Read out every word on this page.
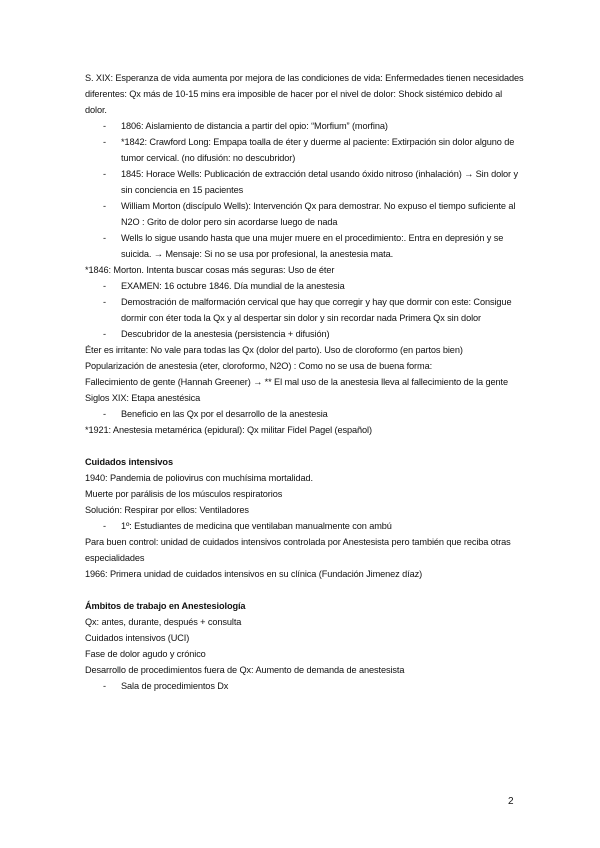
S. XIX: Esperanza de vida aumenta por mejora de las condiciones de vida: Enfermedades tienen necesidades diferentes: Qx más de 10-15 mins era imposible de hacer por el nivel de dolor: Shock sistémico debido al dolor.
- 1806: Aislamiento de distancia a partir del opio: “Morfium” (morfina)
- *1842: Crawford Long: Empapa toalla de éter y duerme al paciente: Extirpación sin dolor alguno de tumor cervical. (no difusión: no descubridor)
- 1845: Horace Wells: Publicación de extracción detal usando óxido nitroso (inhalación) → Sin dolor y sin conciencia en 15 pacientes
- William Morton (discípulo Wells): Intervención Qx para demostrar. No expuso el tiempo suficiente al N2O : Grito de dolor pero sin acordarse luego de nada
- Wells lo sigue usando hasta que una mujer muere en el procedimiento:. Entra en depresión y se suicida. → Mensaje: Si no se usa por profesional, la anestesia mata.
*1846: Morton. Intenta buscar cosas más seguras: Uso de éter
- EXAMEN: 16 octubre 1846. Día mundial de la anestesia
- Demostración de malformación cervical que hay que corregir y hay que dormir con este: Consigue dormir con éter toda la Qx y al despertar sin dolor y sin recordar nada Primera Qx sin dolor
- Descubridor de la anestesia (persistencia + difusión)
Éter es irritante: No vale para todas las Qx (dolor del parto). Uso de cloroformo (en partos bien)
Popularización de anestesia (eter, cloroformo, N2O) : Como no se usa de buena forma:
Fallecimiento de gente (Hannah Greener) → ** El mal uso de la anestesia lleva al fallecimiento de la gente
Siglos XIX: Etapa anestésica
- Beneficio en las Qx por el desarrollo de la anestesia
*1921: Anestesia metamérica (epidural): Qx militar Fidel Pagel (español)
Cuidados intensivos
1940: Pandemia de poliovirus con muchísima mortalidad.
Muerte por parálisis de los músculos respiratorios
Solución: Respirar por ellos: Ventiladores
- 1º: Estudiantes de medicina que ventilaban manualmente con ambú
Para buen control: unidad de cuidados intensivos controlada por Anestesista pero también que reciba otras especialidades
1966: Primera unidad de cuidados intensivos en su clínica (Fundación Jimenez díaz)
Ámbitos de trabajo en Anestesiología
Qx: antes, durante, después + consulta
Cuidados intensivos (UCI)
Fase de dolor agudo y crónico
Desarrollo de procedimientos fuera de Qx: Aumento de demanda de anestesista
- Sala de procedimientos Dx
2
